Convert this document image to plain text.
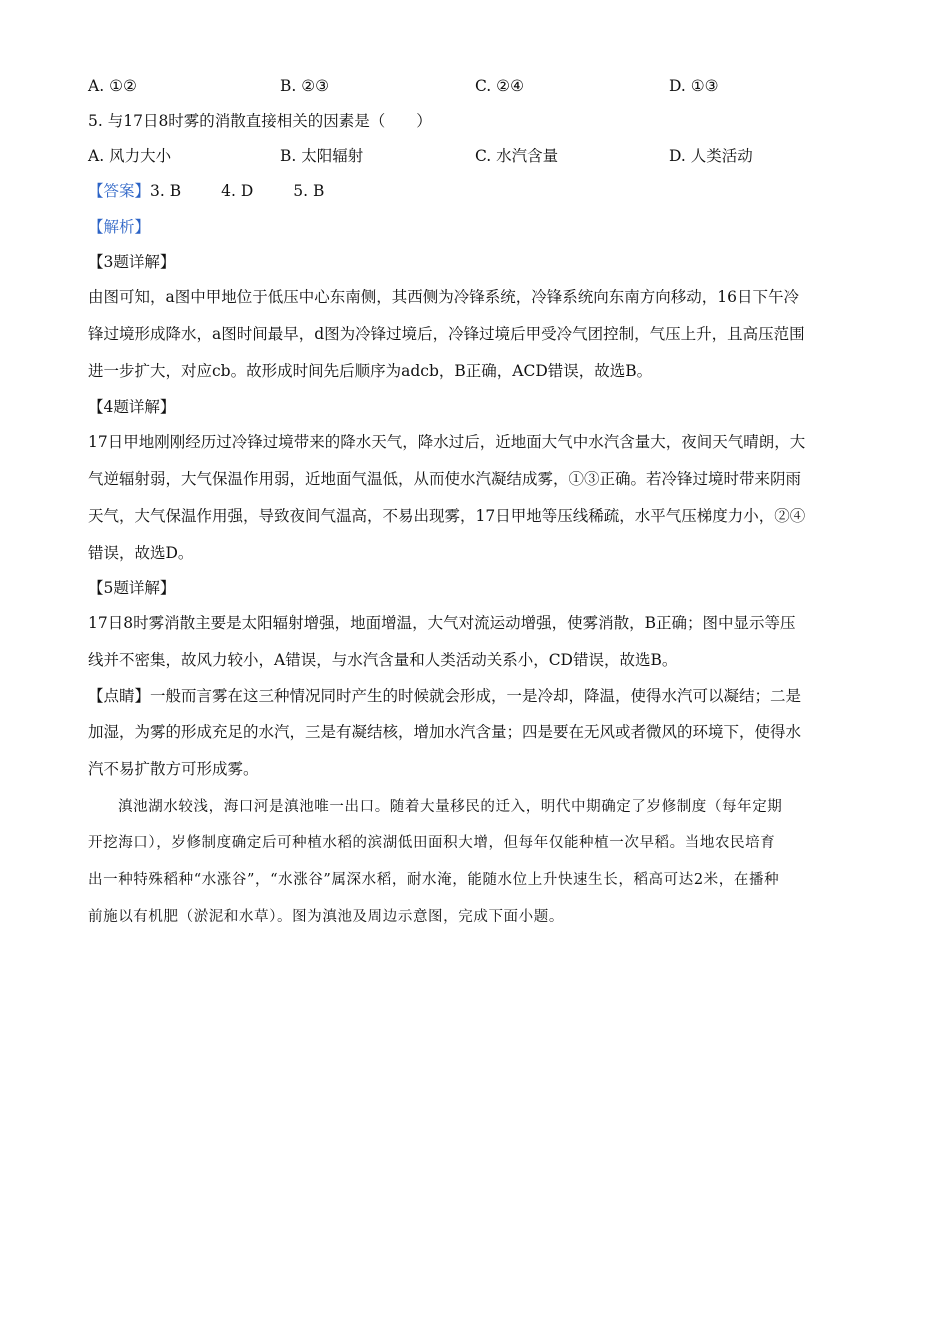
A. ①②	B. ②③	C. ②④	D. ①③
5. 与17日8时雾的消散直接相关的因素是（　　）
A. 风力大小	B. 太阳辐射	C. 水汽含量	D. 人类活动
【答案】3. B	4. D	5. B
【解析】
【3题详解】
由图可知，a图中甲地位于低压中心东南侧，其西侧为冷锋系统，冷锋系统向东南方向移动，16日下午冷
锋过境形成降水，a图时间最早，d图为冷锋过境后，冷锋过境后甲受冷气团控制，气压上升，且高压范围
进一步扩大，对应cb。故形成时间先后顺序为adcb，B正确，ACD错误，故选B。
【4题详解】
17日甲地刚刚经历过冷锋过境带来的降水天气，降水过后，近地面大气中水汽含量大，夜间天气晴朗，大
气逆辐射弱，大气保温作用弱，近地面气温低，从而使水汽凝结成雾，①③正确。若冷锋过境时带来阴雨
天气，大气保温作用强，导致夜间气温高，不易出现雾，17日甲地等压线稀疏，水平气压梯度力小，②④
错误，故选D。
【5题详解】
17日8时雾消散主要是太阳辐射增强，地面增温，大气对流运动增强，使雾消散，B正确；图中显示等压
线并不密集，故风力较小，A错误，与水汽含量和人类活动关系小，CD错误，故选B。
【点睛】一般而言雾在这三种情况同时产生的时候就会形成，一是冷却，降温，使得水汽可以凝结；二是
加湿，为雾的形成充足的水汽，三是有凝结核，增加水汽含量；四是要在无风或者微风的环境下，使得水
汽不易扩散方可形成雾。
滇池湖水较浅，海口河是滇池唯一出口。随着大量移民的迁入，明代中期确定了岁修制度（每年定期
开挖海口），岁修制度确定后可种植水稻的滨湖低田面积大增，但每年仅能种植一次早稻。当地农民培育
出一种特殊稻种“水涨谷”，“水涨谷”属深水稻，耐水淹，能随水位上升快速生长，稻高可达2米，在播种
前施以有机肥（淤泥和水草）。图为滇池及周边示意图，完成下面小题。
